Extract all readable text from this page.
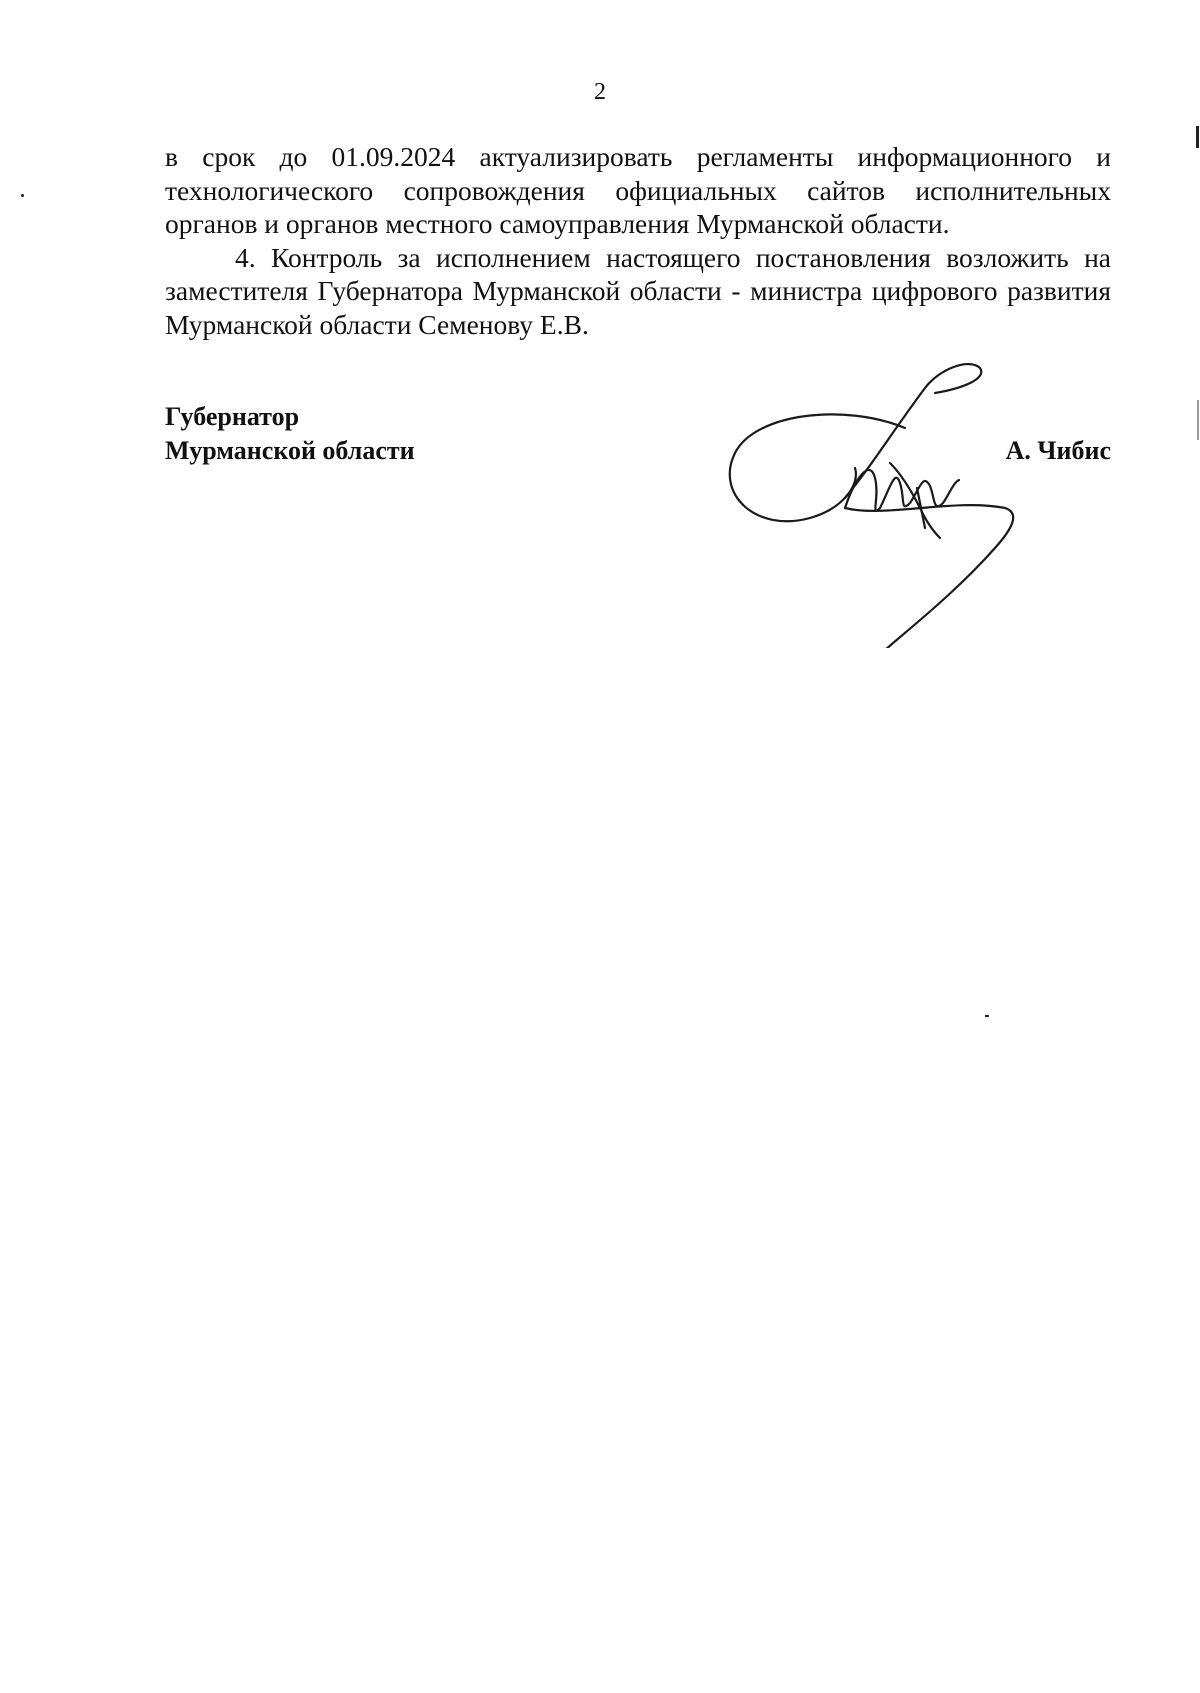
2

в срок до 01.09.2024 актуализировать регламенты информационного и технологического сопровождения официальных сайтов исполнительных органов и органов местного самоуправления Мурманской области.

4. Контроль за исполнением настоящего постановления возложить на заместителя Губернатора Мурманской области - министра цифрового развития Мурманской области Семенову Е.В.

Губернатор
Мурманской области	А. Чибис
